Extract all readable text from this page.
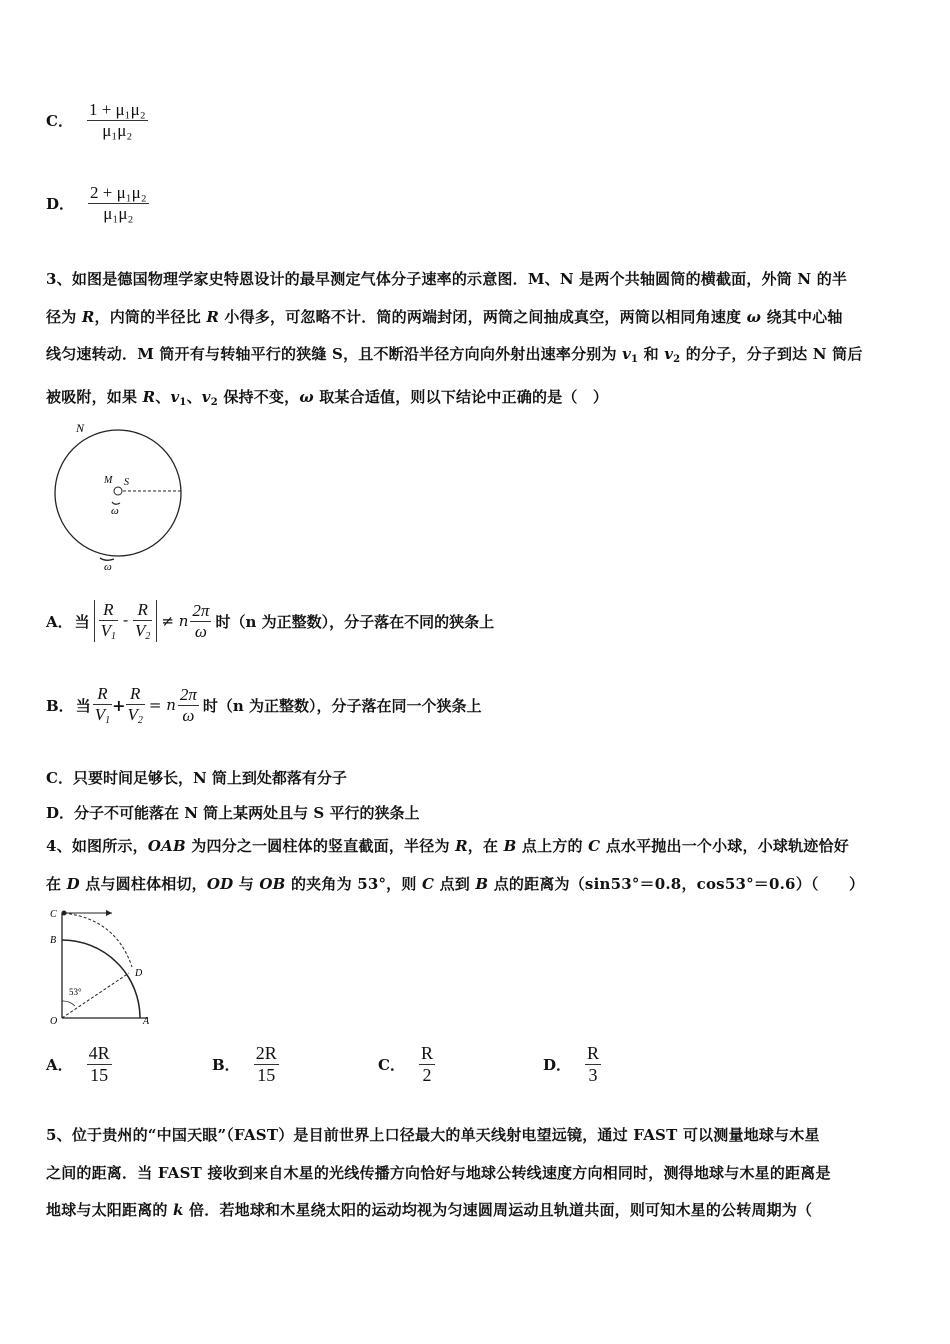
C． $\frac{\text{1 + μ₁μ₂}}{\text{μ₁μ₂}}$
D． $\frac{\text{2 + μ₁μ₂}}{\text{μ₁μ₂}}$
3、如图是德国物理学家史特恩设计的最早测定气体分子速率的示意图．M、N 是两个共轴圆筒的横截面，外筒 N 的半
径为 R，内筒的半径比 R 小得多，可忽略不计．筒的两端封闭，两筒之间抽成真空，两筒以相同角速度 ω 绕其中心轴
线匀速转动．M 筒开有与转轴平行的狭缝 S，且不断沿半径方向向外射出速率分别为 $v_1$ 和 $v_2$ 的分子，分子到达 N 筒后
被吸附，如果 R、$v_1$、$v_2$ 保持不变，ω 取某合适值，则以下结论中正确的是（　）
N
M S
ω
ω
A． 当 $\frac{R}{V_1} - \frac{R}{V_2} \ne n \frac{2\pi}{\omega}$ 时（n 为正整数），分子落在不同的狭条上
B． 当 $\frac{R}{V_1} + \frac{R}{V_2} = n \frac{2\pi}{\omega}$ 时（n 为正整数），分子落在同一个狭条上
C．只要时间足够长，N 筒上到处都落有分子
D．分子不可能落在 N 筒上某两处且与 S 平行的狭条上
4、如图所示，OAB 为四分之一圆柱体的竖直截面，半径为 R，在 B 点上方的 C 点水平抛出一个小球，小球轨迹恰好
在 D 点与圆柱体相切，OD 与 OB 的夹角为 53°，则 C 点到 B 点的距离为（sin53°＝0.8，cos53°＝0.6）（　　）
C
B
D
53°
O	A
A． $\frac{4R}{15}$	B． $\frac{2R}{15}$	C． $\frac{R}{2}$	D． $\frac{R}{3}$
5、位于贵州的“中国天眼”（FAST）是目前世界上口径最大的单天线射电望远镜，通过 FAST 可以测量地球与木星
之间的距离．当 FAST 接收到来自木星的光线传播方向恰好与地球公转线速度方向相同时，测得地球与木星的距离是
地球与太阳距离的 k 倍．若地球和木星绕太阳的运动均视为匀速圆周运动且轨道共面，则可知木星的公转周期为（
